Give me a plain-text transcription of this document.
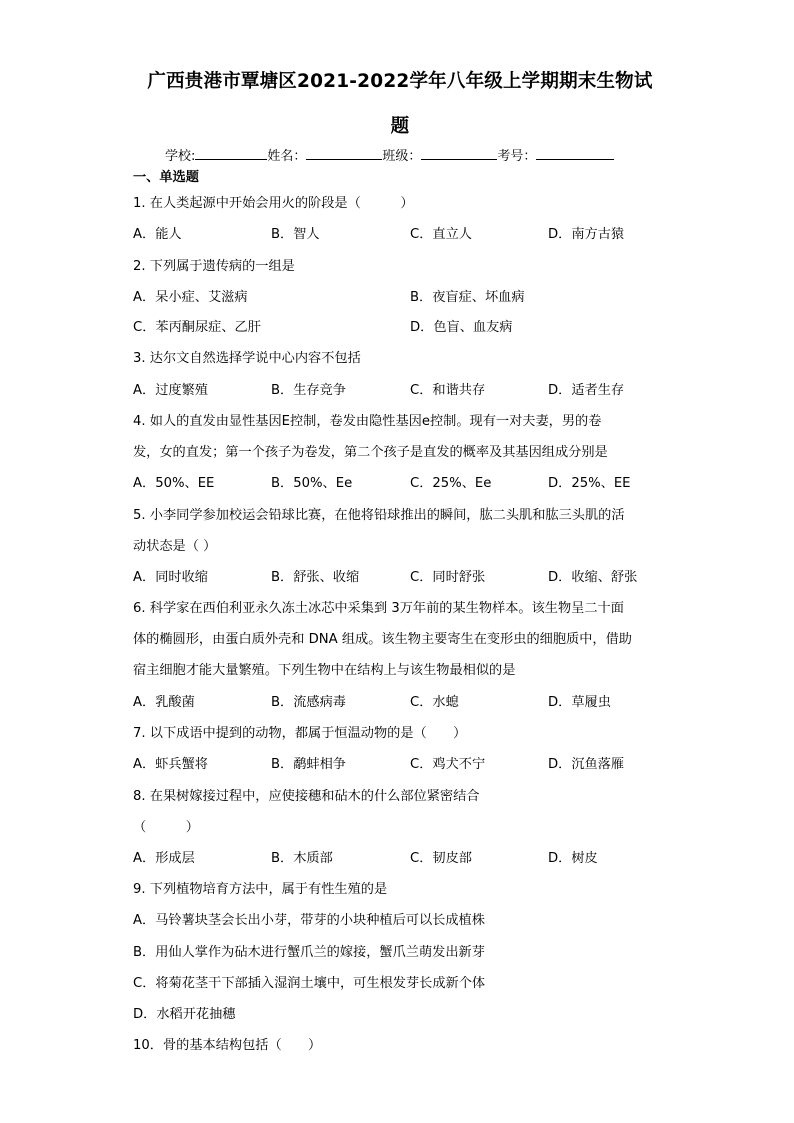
广西贵港市覃塘区2021-2022学年八年级上学期期末生物试
题
学校:	姓名：	班级：	考号：
一、单选题
1. 在人类起源中开始会用火的阶段是（　　　）
A．能人	B．智人	C．直立人	D．南方古猿
2. 下列属于遗传病的一组是
A．呆小症、艾滋病	B．夜盲症、坏血病
C．苯丙酮尿症、乙肝	D．色盲、血友病
3. 达尔文自然选择学说中心内容不包括
A．过度繁殖	B．生存竞争	C．和谐共存	D．适者生存
4. 如人的直发由显性基因E控制，卷发由隐性基因e控制。现有一对夫妻，男的卷
发，女的直发；第一个孩子为卷发，第二个孩子是直发的概率及其基因组成分别是
A．50%、EE	B．50%、Ee	C．25%、Ee	D．25%、EE
5. 小李同学参加校运会铅球比赛，在他将铅球推出的瞬间，肱二头肌和肱三头肌的活
动状态是（ ）
A．同时收缩	B．舒张、收缩	C．同时舒张	D．收缩、舒张
6. 科学家在西伯利亚永久冻土冰芯中采集到 3万年前的某生物样本。该生物呈二十面
体的椭圆形，由蛋白质外壳和 DNA 组成。该生物主要寄生在变形虫的细胞质中，借助
宿主细胞才能大量繁殖。下列生物中在结构上与该生物最相似的是
A．乳酸菌	B．流感病毒	C．水螅	D．草履虫
7. 以下成语中提到的动物，都属于恒温动物的是（　　）
A．虾兵蟹将	B．鹬蚌相争	C．鸡犬不宁	D．沉鱼落雁
8. 在果树嫁接过程中，应使接穗和砧木的什么部位紧密结合
（　　　）
A．形成层	B．木质部	C．韧皮部	D．树皮
9. 下列植物培育方法中，属于有性生殖的是
A．马铃薯块茎会长出小芽，带芽的小块种植后可以长成植株
B．用仙人掌作为砧木进行蟹爪兰的嫁接，蟹爪兰萌发出新芽
C．将菊花茎干下部插入湿润土壤中，可生根发芽长成新个体
D．水稻开花抽穗
10．骨的基本结构包括（　　）
